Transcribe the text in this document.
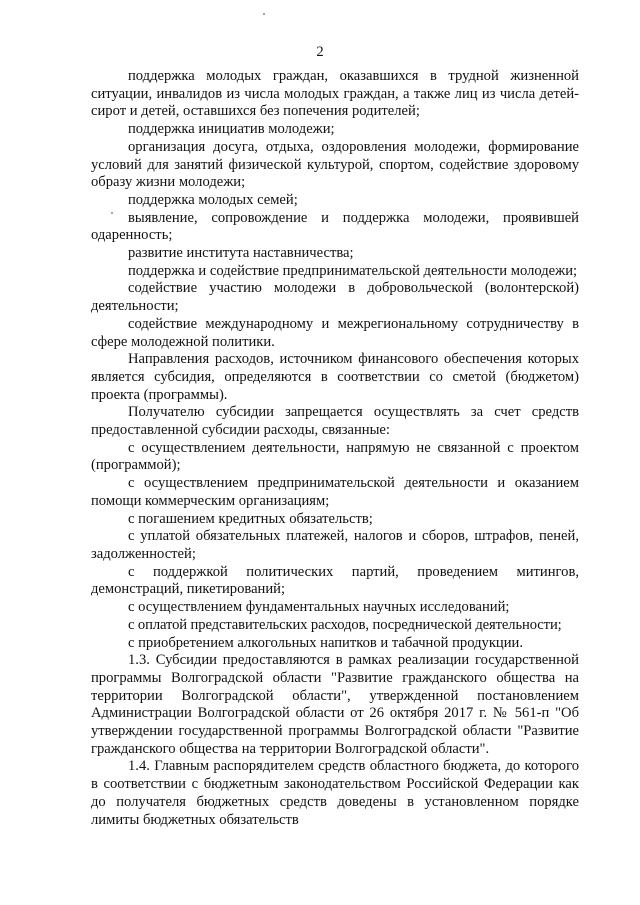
2

поддержка молодых граждан, оказавшихся в трудной жизненной ситуации, инвалидов из числа молодых граждан, а также лиц из числа детей-сирот и детей, оставшихся без попечения родителей;

поддержка инициатив молодежи;

организация досуга, отдыха, оздоровления молодежи, формирование условий для занятий физической культурой, спортом, содействие здоровому образу жизни молодежи;

поддержка молодых семей;

выявление, сопровождение и поддержка молодежи, проявившей одаренность;

развитие института наставничества;

поддержка и содействие предпринимательской деятельности молодежи;

содействие участию молодежи в добровольческой (волонтерской) деятельности;

содействие международному и межрегиональному сотрудничеству в сфере молодежной политики.

Направления расходов, источником финансового обеспечения которых является субсидия, определяются в соответствии со сметой (бюджетом) проекта (программы).

Получателю субсидии запрещается осуществлять за счет средств предоставленной субсидии расходы, связанные:

с осуществлением деятельности, напрямую не связанной с проектом (программой);

с осуществлением предпринимательской деятельности и оказанием помощи коммерческим организациям;

с погашением кредитных обязательств;

с уплатой обязательных платежей, налогов и сборов, штрафов, пеней, задолженностей;

с поддержкой политических партий, проведением митингов, демонстраций, пикетирований;

с осуществлением фундаментальных научных исследований;

с оплатой представительских расходов, посреднической деятельности;

с приобретением алкогольных напитков и табачной продукции.

1.3. Субсидии предоставляются в рамках реализации государственной программы Волгоградской области "Развитие гражданского общества на территории Волгоградской области", утвержденной постановлением Администрации Волгоградской области от 26 октября 2017 г. № 561-п "Об утверждении государственной программы Волгоградской области "Развитие гражданского общества на территории Волгоградской области".

1.4. Главным распорядителем средств областного бюджета, до которого в соответствии с бюджетным законодательством Российской Федерации как до получателя бюджетных средств доведены в установленном порядке лимиты бюджетных обязательств
